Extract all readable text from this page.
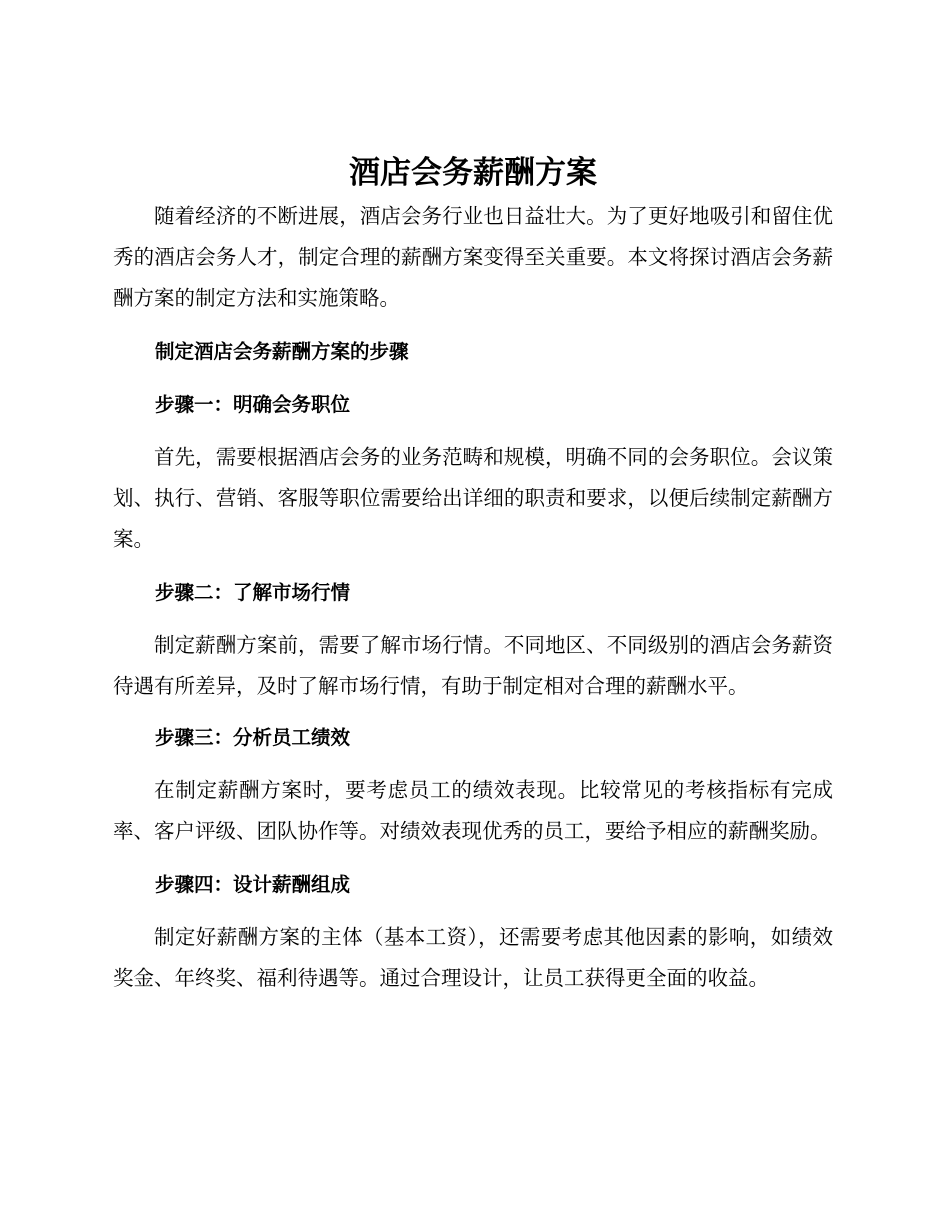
酒店会务薪酬方案

随着经济的不断进展，酒店会务行业也日益壮大。为了更好地吸引和留住优秀的酒店会务人才，制定合理的薪酬方案变得至关重要。本文将探讨酒店会务薪酬方案的制定方法和实施策略。

制定酒店会务薪酬方案的步骤
步骤一：明确会务职位

首先，需要根据酒店会务的业务范畴和规模，明确不同的会务职位。会议策划、执行、营销、客服等职位需要给出详细的职责和要求，以便后续制定薪酬方案。

步骤二：了解市场行情

制定薪酬方案前，需要了解市场行情。不同地区、不同级别的酒店会务薪资待遇有所差异，及时了解市场行情，有助于制定相对合理的薪酬水平。

步骤三：分析员工绩效

在制定薪酬方案时，要考虑员工的绩效表现。比较常见的考核指标有完成率、客户评级、团队协作等。对绩效表现优秀的员工，要给予相应的薪酬奖励。

步骤四：设计薪酬组成

制定好薪酬方案的主体（基本工资），还需要考虑其他因素的影响，如绩效奖金、年终奖、福利待遇等。通过合理设计，让员工获得更全面的收益。
